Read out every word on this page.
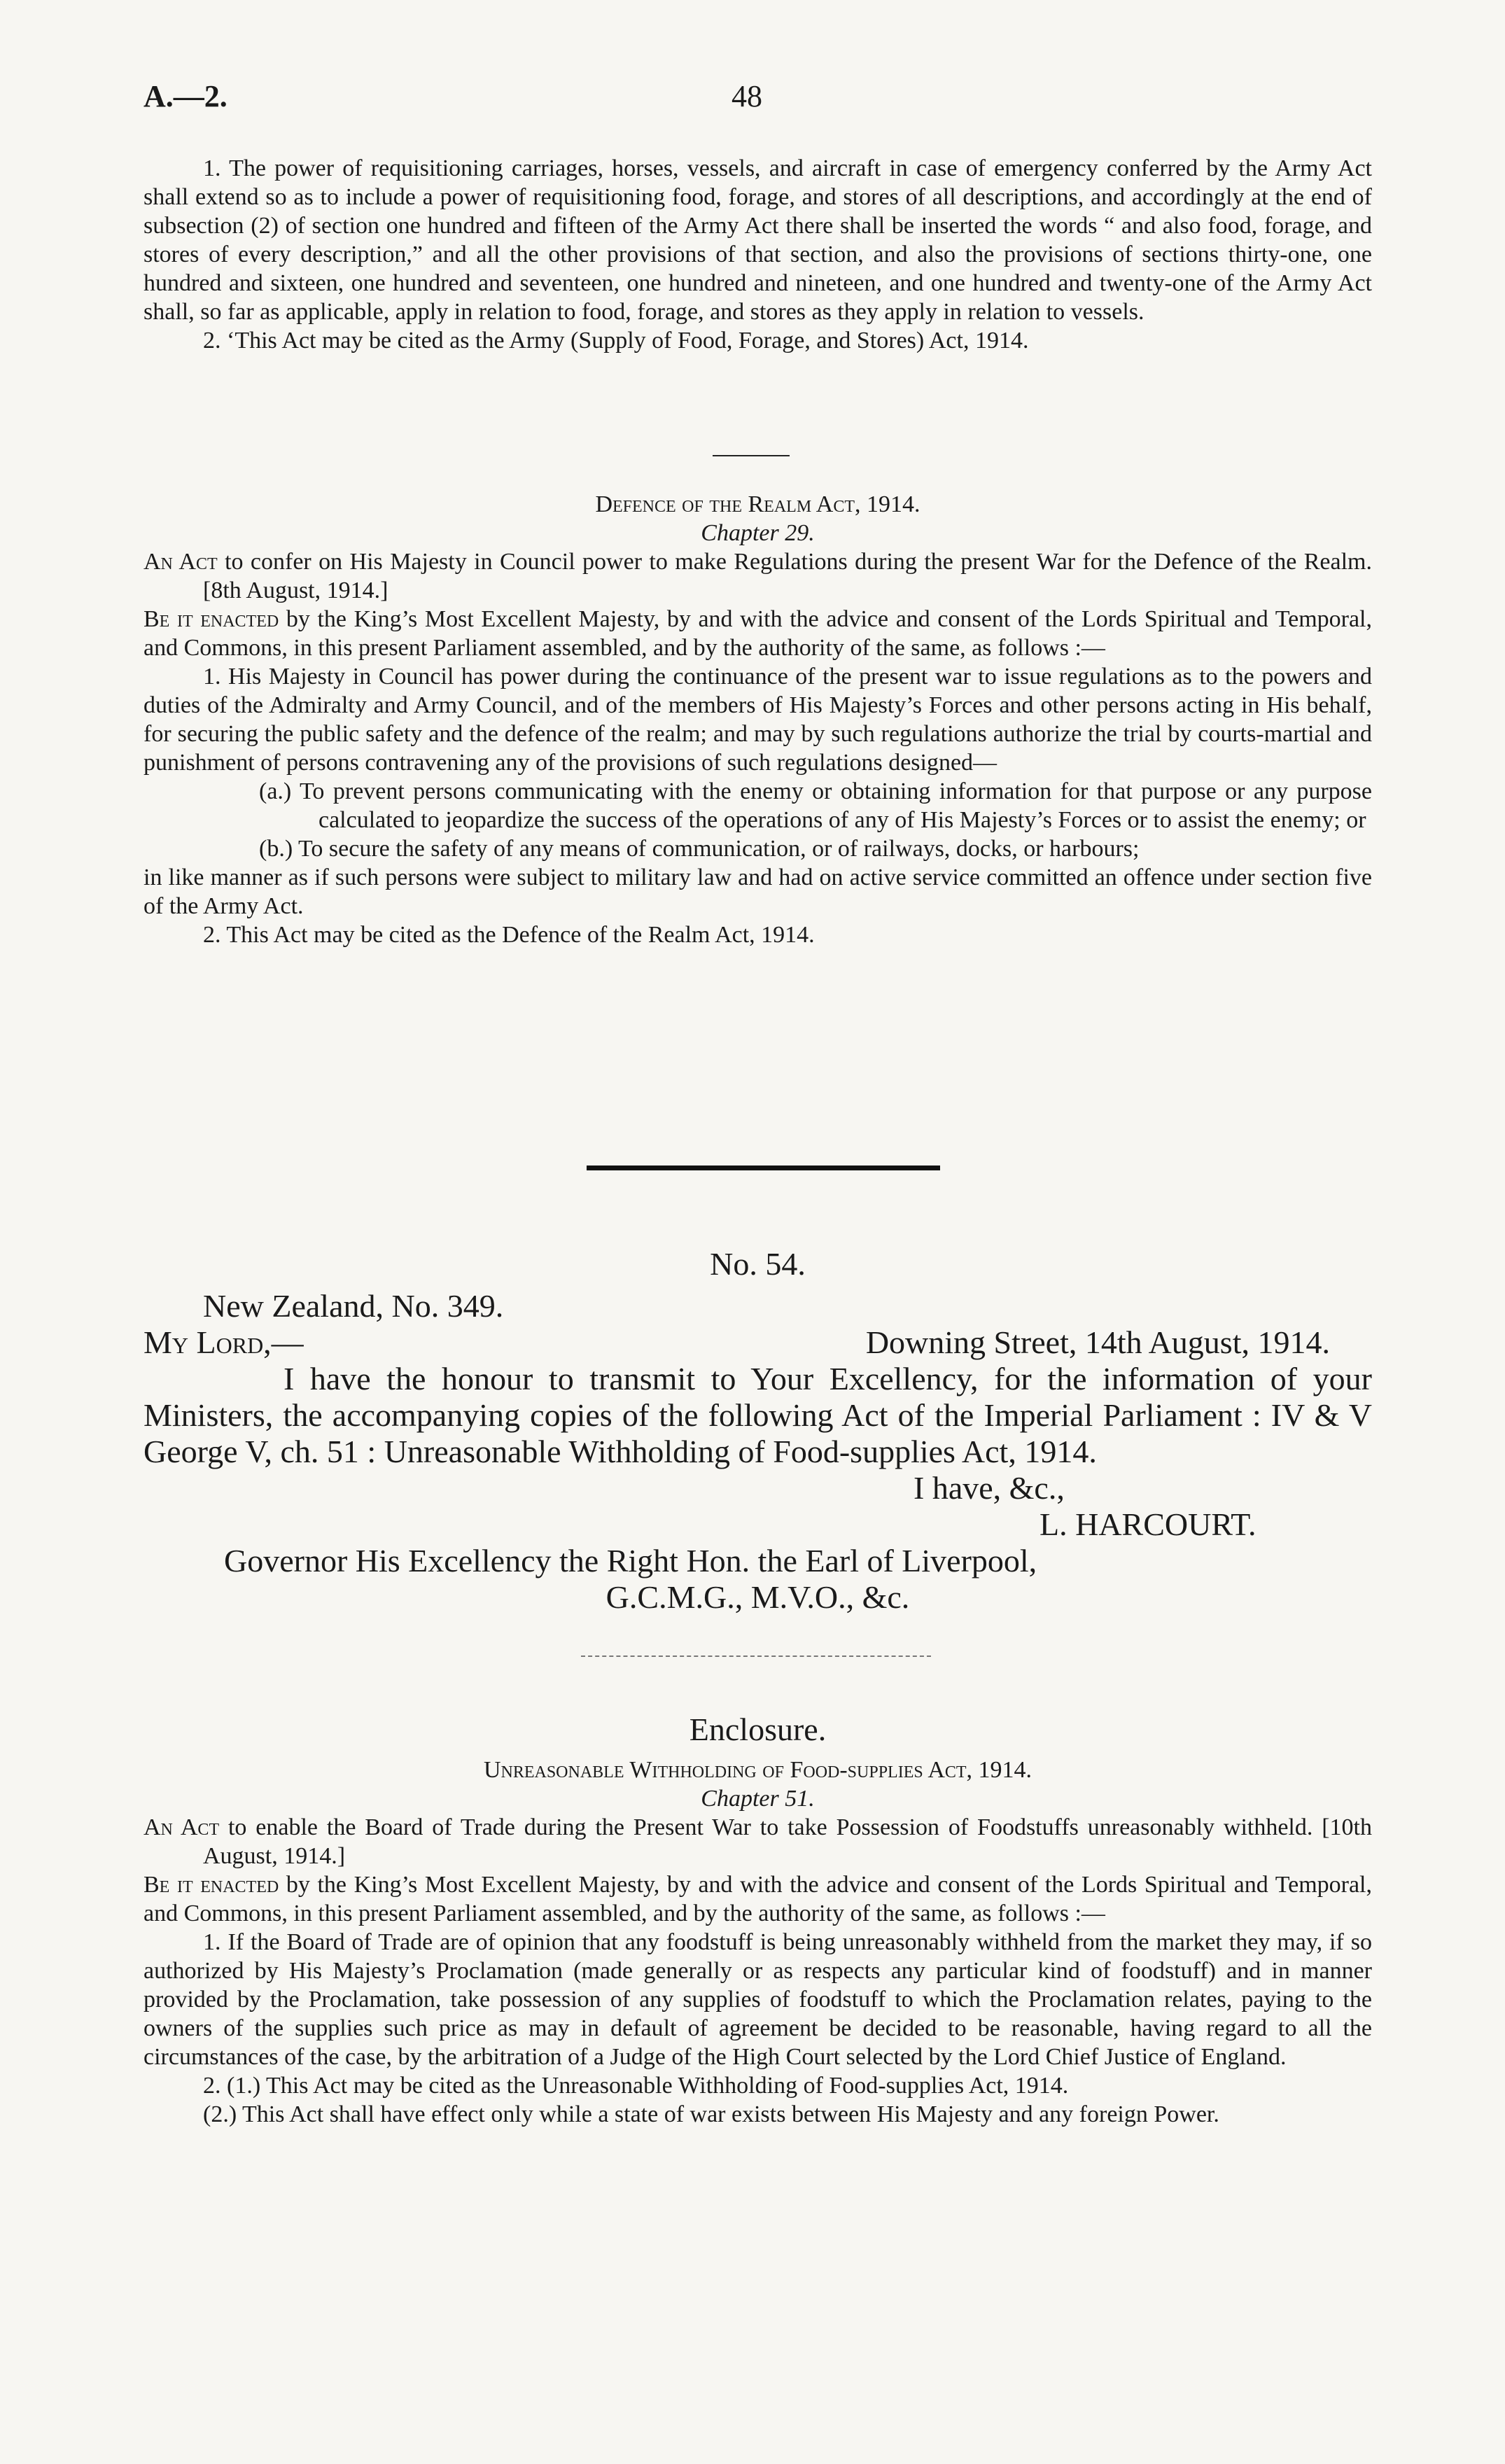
A.—2.	48

1. The power of requisitioning carriages, horses, vessels, and aircraft in case of emergency conferred by the Army Act shall extend so as to include a power of requisitioning food, forage, and stores of all descriptions, and accordingly at the end of subsection (2) of section one hundred and fifteen of the Army Act there shall be inserted the words “ and also food, forage, and stores of every description,” and all the other provisions of that section, and also the provisions of sections thirty-one, one hundred and sixteen, one hundred and seventeen, one hundred and nineteen, and one hundred and twenty-one of the Army Act shall, so far as applicable, apply in relation to food, forage, and stores as they apply in relation to vessels.

2. ‘This Act may be cited as the Army (Supply of Food, Forage, and Stores) Act, 1914.

Defence of the Realm Act, 1914.

Chapter 29.

An Act to confer on His Majesty in Council power to make Regulations during the present War for the Defence of the Realm. [8th August, 1914.]

Be it enacted by the King’s Most Excellent Majesty, by and with the advice and consent of the Lords Spiritual and Temporal, and Commons, in this present Parliament assembled, and by the authority of the same, as follows :—

1. His Majesty in Council has power during the continuance of the present war to issue regulations as to the powers and duties of the Admiralty and Army Council, and of the members of His Majesty’s Forces and other persons acting in His behalf, for securing the public safety and the defence of the realm; and may by such regulations authorize the trial by courts-martial and punishment of persons contravening any of the provisions of such regulations designed—

(a.) To prevent persons communicating with the enemy or obtaining information for that purpose or any purpose calculated to jeopardize the success of the operations of any of His Majesty’s Forces or to assist the enemy; or

(b.) To secure the safety of any means of communication, or of railways, docks, or harbours;

in like manner as if such persons were subject to military law and had on active service committed an offence under section five of the Army Act.

2. This Act may be cited as the Defence of the Realm Act, 1914.

No. 54.

New Zealand, No. 349.

My Lord,—	Downing Street, 14th August, 1914.

I have the honour to transmit to Your Excellency, for the information of your Ministers, the accompanying copies of the following Act of the Imperial Parliament : IV & V George V, ch. 51 : Unreasonable Withholding of Food-supplies Act, 1914.

I have, &c.,

L. HARCOURT.

Governor His Excellency the Right Hon. the Earl of Liverpool,

G.C.M.G., M.V.O., &c.

Enclosure.

Unreasonable Withholding of Food-supplies Act, 1914.

Chapter 51.

An Act to enable the Board of Trade during the Present War to take Possession of Foodstuffs unreasonably withheld. [10th August, 1914.]

Be it enacted by the King’s Most Excellent Majesty, by and with the advice and consent of the Lords Spiritual and Temporal, and Commons, in this present Parliament assembled, and by the authority of the same, as follows :—

1. If the Board of Trade are of opinion that any foodstuff is being unreasonably withheld from the market they may, if so authorized by His Majesty’s Proclamation (made generally or as respects any particular kind of foodstuff) and in manner provided by the Proclamation, take possession of any supplies of foodstuff to which the Proclamation relates, paying to the owners of the supplies such price as may in default of agreement be decided to be reasonable, having regard to all the circumstances of the case, by the arbitration of a Judge of the High Court selected by the Lord Chief Justice of England.

2. (1.) This Act may be cited as the Unreasonable Withholding of Food-supplies Act, 1914.

(2.) This Act shall have effect only while a state of war exists between His Majesty and any foreign Power.
